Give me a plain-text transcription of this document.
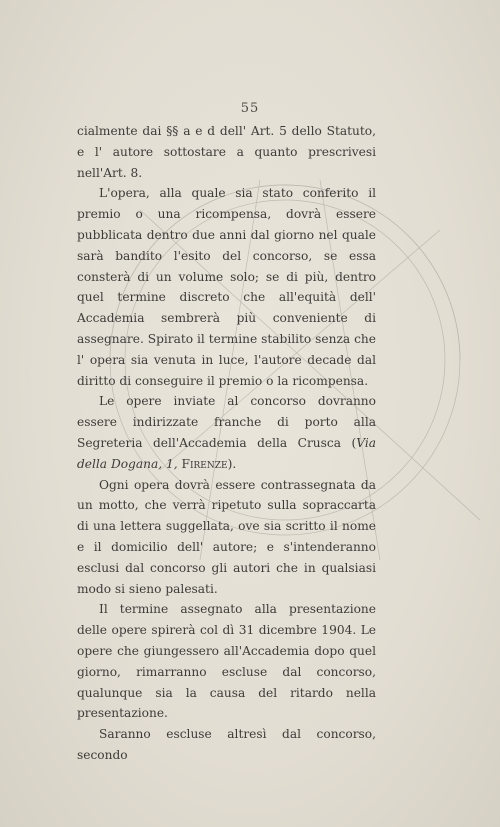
55

cialmente dai §§ a e d dell' Art. 5 dello Statuto, e l' autore sottostare a quanto prescrivesi nell'Art. 8.

L'opera, alla quale sia stato conferito il premio o una ricompensa, dovrà essere pubblicata dentro due anni dal giorno nel quale sarà bandito l'esito del concorso, se essa consterà di un volume solo; se di più, dentro quel termine discreto che all'equità dell' Accademia sembrerà più conveniente di assegnare. Spirato il termine stabilito senza che l' opera sia venuta in luce, l'autore decade dal diritto di conseguire il premio o la ricompensa.

Le opere inviate al concorso dovranno essere indirizzate franche di porto alla Segreteria dell'Accademia della Crusca (Via della Dogana, 1, Firenze).

Ogni opera dovrà essere contrassegnata da un motto, che verrà ripetuto sulla sopraccarta di una lettera suggellata, ove sia scritto il nome e il domicilio dell' autore; e s'intenderanno esclusi dal concorso gli autori che in qualsiasi modo si sieno palesati.

Il termine assegnato alla presentazione delle opere spirerà col dì 31 dicembre 1904. Le opere che giungessero all'Accademia dopo quel giorno, rimarranno escluse dal concorso, qualunque sia la causa del ritardo nella presentazione.

Saranno escluse altresì dal concorso, secondo
